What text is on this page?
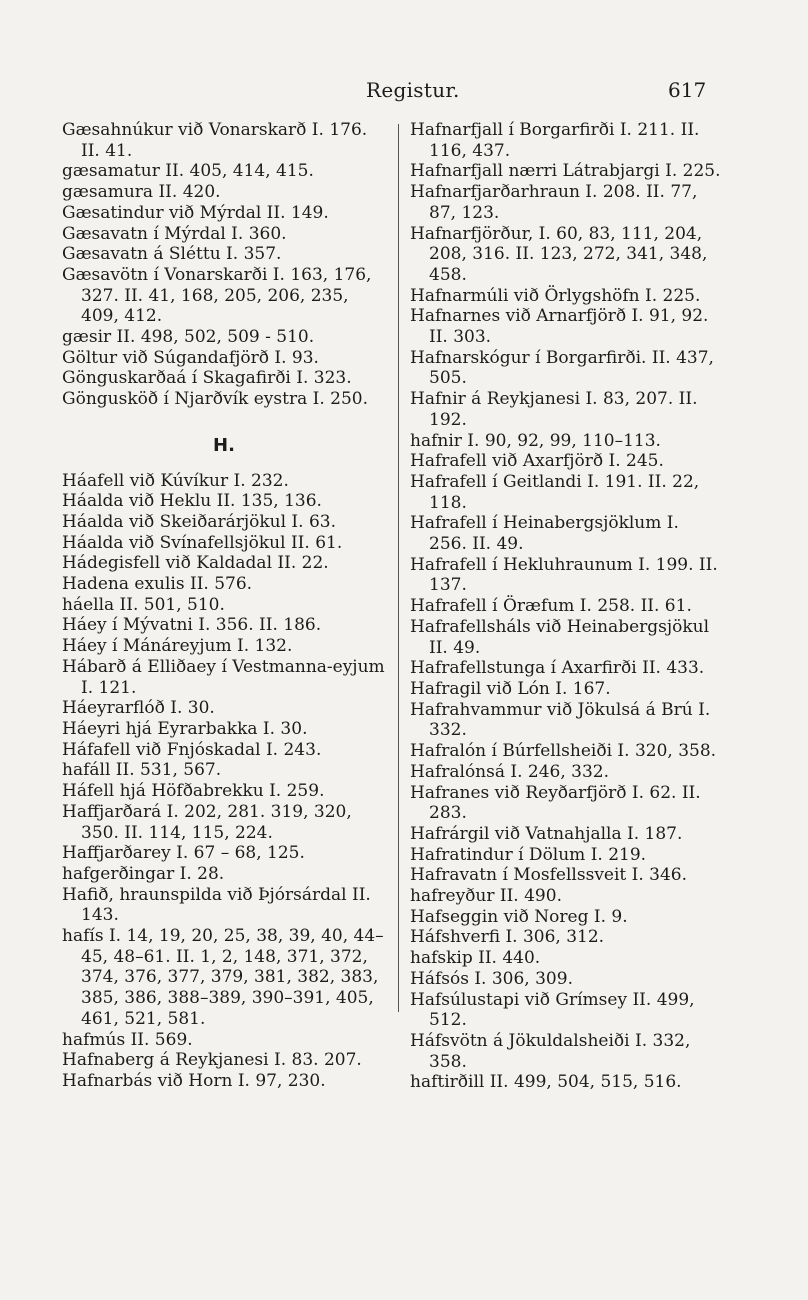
Registur.	617
Gæsahnúkur við Vonarskarð I. 176. II. 41.
gæsamatur II. 405, 414, 415.
gæsamura II. 420.
Gæsatindur við Mýrdal II. 149.
Gæsavatn í Mýrdal I. 360.
Gæsavatn á Sléttu I. 357.
Gæsavötn í Vonarskarði I. 163, 176, 327. II. 41, 168, 205, 206, 235, 409, 412.
gæsir II. 498, 502, 509 - 510.
Göltur við Súgandafjörð I. 93.
Gönguskarðaá í Skagafirði I. 323.
Göngusköð í Njarðvík eystra I. 250.
H.
Háafell við Kúvíkur I. 232.
Háalda við Heklu II. 135, 136.
Háalda við Skeiðarárjökul I. 63.
Háalda við Svínafellsjökul II. 61.
Hádegisfell við Kaldadal II. 22.
Hadena exulis II. 576.
háella II. 501, 510.
Háey í Mývatni I. 356. II. 186.
Háey í Mánáreyjum I. 132.
Hábarð á Elliðaey í Vestmanna-eyjum I. 121.
Háeyrarflóð I. 30.
Háeyri hjá Eyrarbakka I. 30.
Háfafell við Fnjóskadal I. 243.
hafáll II. 531, 567.
Háfell hjá Höfðabrekku I. 259.
Haffjarðará I. 202, 281. 319, 320, 350. II. 114, 115, 224.
Haffjarðarey I. 67 – 68, 125.
hafgerðingar I. 28.
Hafið, hraunspilda við Þjórsárdal II. 143.
hafís I. 14, 19, 20, 25, 38, 39, 40, 44–45, 48–61. II. 1, 2, 148, 371, 372, 374, 376, 377, 379, 381, 382, 383, 385, 386, 388–389, 390–391, 405, 461, 521, 581.
hafmús II. 569.
Hafnaberg á Reykjanesi I. 83. 207.
Hafnarbás við Horn I. 97, 230.
Hafnarfjall í Borgarfirði I. 211. II. 116, 437.
Hafnarfjall nærri Látrabjargi I. 225.
Hafnarfjarðarhraun I. 208. II. 77, 87, 123.
Hafnarfjörður, I. 60, 83, 111, 204, 208, 316. II. 123, 272, 341, 348, 458.
Hafnarmúli við Örlygshöfn I. 225.
Hafnarnes við Arnarfjörð I. 91, 92. II. 303.
Hafnarskógur í Borgarfirði. II. 437, 505.
Hafnir á Reykjanesi I. 83, 207. II. 192.
hafnir I. 90, 92, 99, 110–113.
Hafrafell við Axarfjörð I. 245.
Hafrafell í Geitlandi I. 191. II. 22, 118.
Hafrafell í Heinabergsjöklum I. 256. II. 49.
Hafrafell í Hekluhraunum I. 199. II. 137.
Hafrafell í Öræfum I. 258. II. 61.
Hafrafellsháls við Heinabergsjökul II. 49.
Hafrafellstunga í Axarfirði II. 433.
Hafragil við Lón I. 167.
Hafrahvammur við Jökulsá á Brú I. 332.
Hafralón í Búrfellsheiði I. 320, 358.
Hafralónsá I. 246, 332.
Hafranes við Reyðarfjörð I. 62. II. 283.
Hafrárgil við Vatnahjalla I. 187.
Hafratindur í Dölum I. 219.
Hafravatn í Mosfellssveit I. 346.
hafreyður II. 490.
Hafseggin við Noreg I. 9.
Háfshverfi I. 306, 312.
hafskip II. 440.
Háfsós I. 306, 309.
Hafsúlustapi við Grímsey II. 499, 512.
Háfsvötn á Jökuldalsheiði I. 332, 358.
haftirðill II. 499, 504, 515, 516.
